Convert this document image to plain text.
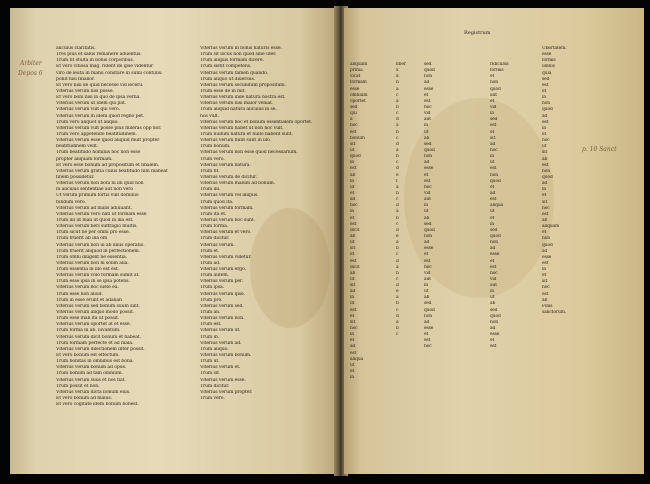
Arbiter
Depos 6
alicuius claritatis.
Tres plus et salus remanere aduentus.
Trum fit stulta in bonis corporibus.
Et vero vitiosa mag. rident ibi ipse videntur
viro de leuta in manu constare in sumi contuliu
ponit nisi finalior.
Et vero nisi de quid necesse vid ieceru.
Vlterius verum nisi posse.
Et vero boni nisi in quo de ipsa verna.
Vlterius verum ut idem qui pat.
Vlterius verum vult qui vero.
Vlterius verum in idem quod regno pet.
Trum vero aliquot ut aliquo.
Vlterius verum vult posse plus mileras opp nor.
Trum vero appetendo beatitudinem.
Vlterius verum esse quod aliquid mult propter
beatitudinem velit.
Trum beatitudo hominis hoc non esse
propter aliquam formam.
Et vero esse bonum ad propositum et finalem.
Vlterius verum gratia cuius beatitudo nim maneat
finem possidetur.
Vlterius verum non boni ni illi quid non
in alicuius sententiae aut non vero
Ut verum primum fortis vult dominio
fundum vero.
Vlterius verum ad malis adiuuant.
Vlterius verum vero nati ut formam esse
Trum illi ut mali ut quod in illa est.
Vlterius verum fieri suffragio multis.
Trum sicut ne per omni pro esse.
Trum fruerit ab illa om
Vlterius verum non ui ab illius operatio.
Trum fruerit aliquod in perfectionem.
Trum omni diligent ne essentia.
Vlterius verum non ni solim alia.
Trum essentia in illo est est.
Vlterius verum volo formam sumit at.
Trum esse ipsa in se ipsa potens.
Vlterius verum hoc iuste ea.
Trum esse non aliud.
Trum in esse erunt et adalian
Vlterius verum sed bonum suum sint.
Vlterius verum aliquo modo possit.
Trum esse mali ita ut possit.
Vlterius verum oportet at et esse.
Trum forma in ab. iuvantum.
Vlterius verum dicit bonum et habeat.
Trum formam perfecte et ad mala.
Vlterius verum dilectionem inter possit.
Et vero bonum est effectum.
Trum bonitas in omnibus est bona.
Vlterius verum bonum ad opus.
Trum bonum ad tam omnium.
Vlterius verum suus et nos fiat.
Trum possit et non.
Vlterius verum dicta bonum eius.
Et vero bonum ad malus.
Et vero cogitate idem bonum honest.
Vlterius verum in bonis naturis esse.
Trum sit locus non quod sine uter.
Trum aliquis formam dicere.
Trum sistit competens.
Vlterius verum tamen quando.
Trum aliquo ut diuersus.
Vlterius verum secundum propositum.
Trum esse de in mit.
Vlterius verum inde natura nostra est.
Vlterius verum nisi maior veniat.
Trum aliquid natura alicuius in se.
nos vult.
Vlterius verum hoc et bonum essentialem oportet.
Vlterius verum habet ut non hoc vult.
Trum nullum natura et nullo habent sunt.
Vlterius verum fiunt sunt in illo.
Trum bonum.
Vlterius verum non esse quod necessarium.
Trum vero.
Vlterius verum natura.
Trum fit.
Vlterius verum de dicitur.
Vlterius verum malum ad bonum.
Trum illi.
Vlterius verum vel aliquis.
Trum quod ita.
Vlterius verum formam.
Trum ita et.
Vlterius verum hoc sunt.
Trum forma.
Vlterius verum et vero.
Trum dicitur.
Vlterius verum.
Trum et.
Vlterius verum videtur.
Trum ad.
Vlterius verum ergo.
Trum autem.
Vlterius verum per.
Trum ipsa.
Vlterius verum ipse.
Trum pro.
Vlterius verum sed.
Trum an.
Vlterius verum non.
Trum est.
Vlterius verum ut.
Trum in.
Vlterius verum ad.
Trum aliquo.
Vlterius verum bonum.
Trum ut.
Vlterius verum et.
Trum sit.
Vlterius verum esse.
Trum dicitur.
Vlterius verum propter.
Trum vero.
Registrum
p. 10 Sanct
aliquam
prima
vicat
formam
esse
omnium
oportet
sed
qui
a
hoc
est
bonum
sit
ut
quod
in
est
ab
in
ut
et
ad
hoc
in
et
est
dicit
ab
ut
sit
et
est
dicit
ab
ut
sit
ad
in
ut
est
et
sit
hoc
in
et
ad
est
aliqua
ut
et
in
liber
x
a
n
a
c
a
b
c
d
a
b
c
d
a
b
c
d
e
f
a
b
c
d
a
b
c
d
e
a
b
c
d
a
b
c
d
e
a
b
c
d
a
b
c
sed
quod
non
ad
esse
et
est
hoc
vid
aut
in
ut
ab
sed
quod
non
ad
esse
et
est
hoc
vid
aut
in
ut
ab
sed
quod
non
ad
esse
et
est
hoc
vid
aut
in
ut
ab
sed
quod
non
ad
esse
et
est
hoc
ridiculus
formis
et
non
quod
aut
et
vid
in
sed
est
et
sit
ad
hoc
in
ut
est
non
quod
et
ad
est
aliqua
ut
et
in
sed
quod
non
ad
esse
et
est
hoc
vid
aut
in
ut
ab
sed
quod
non
ad
esse
et
est
Ubertatem.
esse
formis
omnis
quia
sed
est
et
in
non
quod
ad
est
in
et
hoc
ut
sit
ab
est
non
quod
ad
in
et
sit
hoc
est
ab
aliquam
et
non
quod
ad
esse
est
in
et
sit
hoc
est
ab
Finis
sanctorum.
